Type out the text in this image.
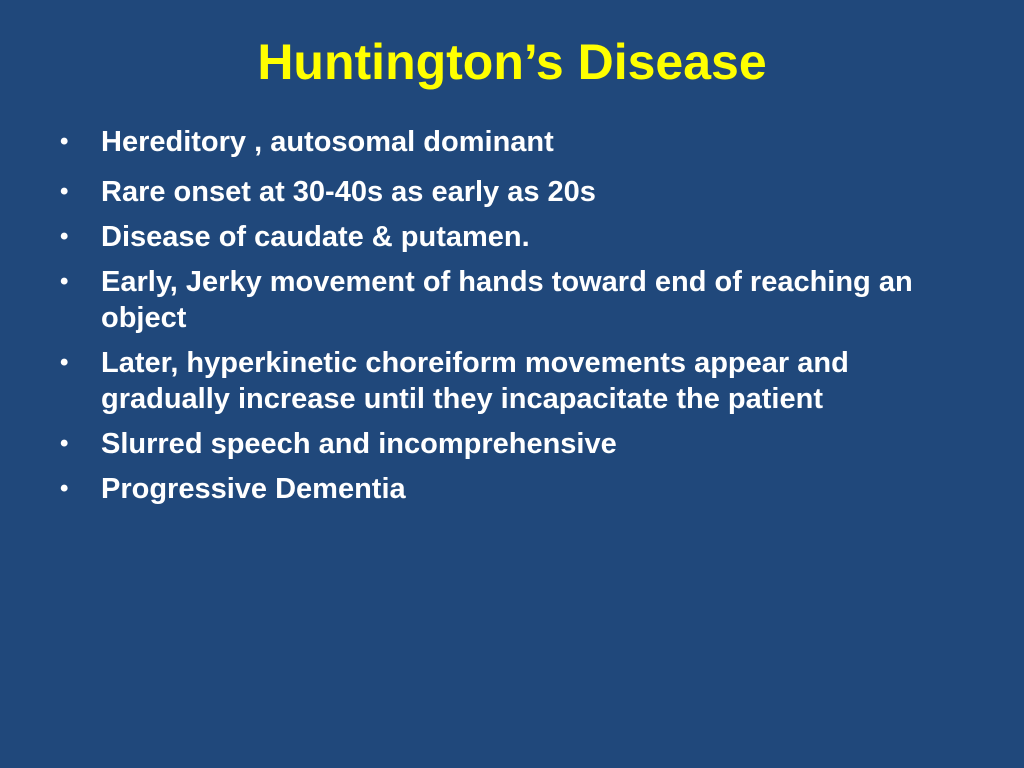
Huntington’s Disease
• Hereditory , autosomal dominant
• Rare onset at 30-40s as early as 20s
• Disease of caudate & putamen.
• Early, Jerky movement of hands toward end of reaching an object
• Later, hyperkinetic choreiform movements appear and gradually increase until they incapacitate the patient
• Slurred speech and incomprehensive
• Progressive Dementia
